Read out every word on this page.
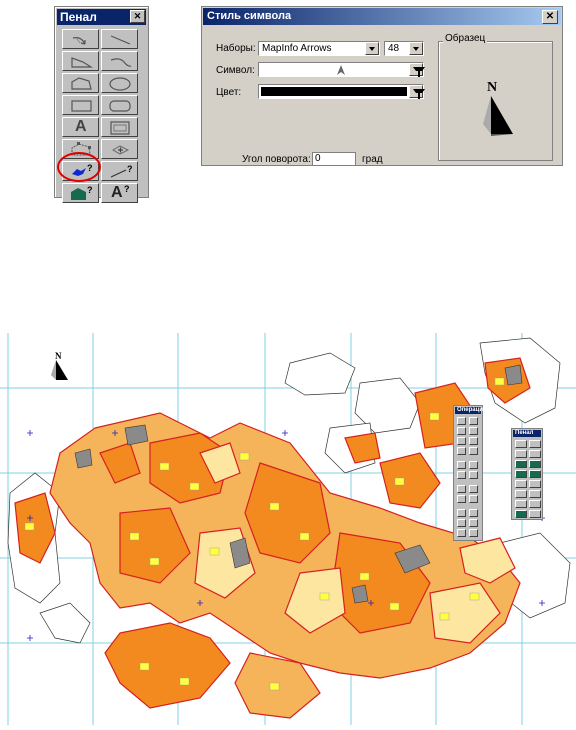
Пенал	✕
A
?	?
? A ?
Стиль символа	✕
Наборы: MapInfo Arrows	48
Символ:
Цвет:	N
Образец
Угол поворота: 0	град
N
Операции
Пенал
